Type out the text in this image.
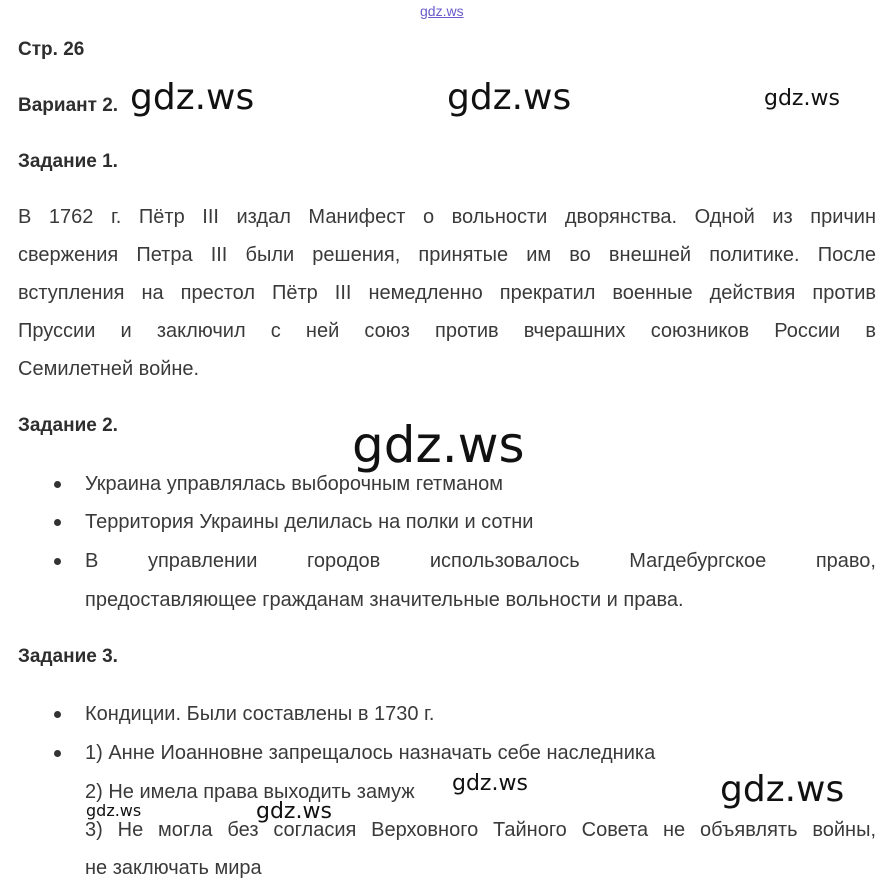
gdz.ws
Стр. 26
Вариант 2.
Задание 1.
В 1762 г. Пётр III издал Манифест о вольности дворянства. Одной из причин
свержения Петра III были решения, принятые им во внешней политике. После
вступления на престол Пётр III немедленно прекратил военные действия против
Пруссии и заключил с ней союз против вчерашних союзников России в
Семилетней войне.
Задание 2.
Украина управлялась выборочным гетманом
Территория Украины делилась на полки и сотни
В управлении городов использовалось Магдебургское право,
предоставляющее гражданам значительные вольности и права.
Задание 3.
Кондиции. Были составлены в 1730 г.
1) Анне Иоанновне запрещалось назначать себе наследника
2) Не имела права выходить замуж
3) Не могла без согласия Верховного Тайного Совета не объявлять войны,
не заключать мира
gdz.ws	gdz.ws	gdz.ws
gdz.ws
gdz.ws	gdz.ws
gdz.ws	gdz.ws
